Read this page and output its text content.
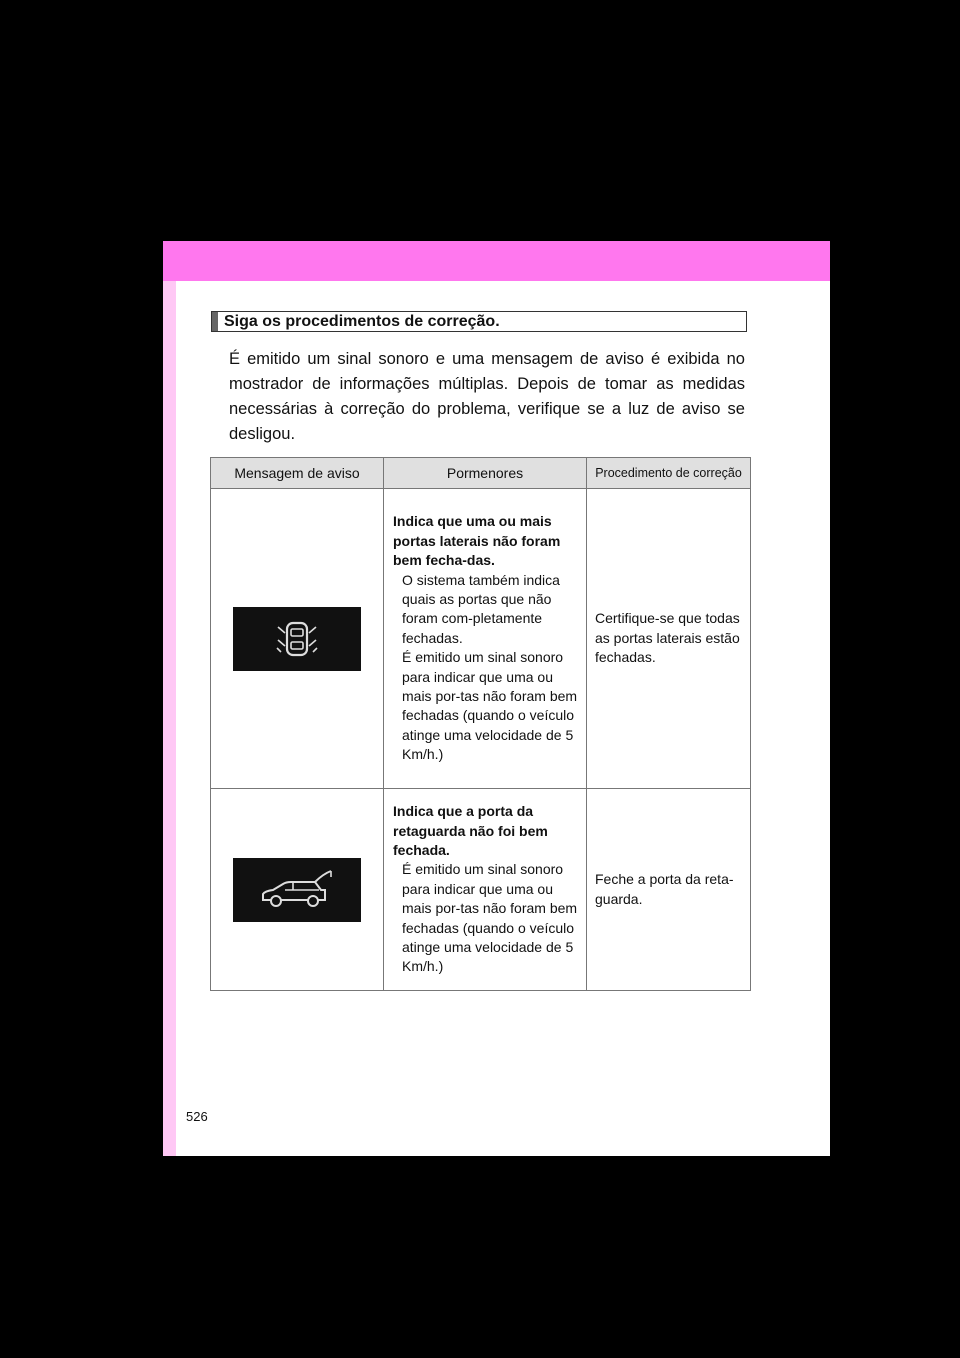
Siga os procedimentos de correção.
É emitido um sinal sonoro e uma mensagem de aviso é exibida no mostrador de informações múltiplas. Depois de tomar as medidas necessárias à correção do problema, verifique se a luz de aviso se desligou.
Mensagem de aviso	Pormenores	Procedimento de correção

Indica que uma ou mais portas laterais não foram bem fecha-das.
O sistema também indica quais as portas que não foram com-pletamente fechadas.
É emitido um sinal sonoro para indicar que uma ou mais por-tas não foram bem fechadas (quando o veículo atinge uma velocidade de 5 Km/h.)	Certifique-se que todas as portas laterais estão fechadas.

Indica que a porta da retaguarda não foi bem fechada.
É emitido um sinal sonoro para indicar que uma ou mais por-tas não foram bem fechadas (quando o veículo atinge uma velocidade de 5 Km/h.)	Feche a porta da reta-guarda.
526
